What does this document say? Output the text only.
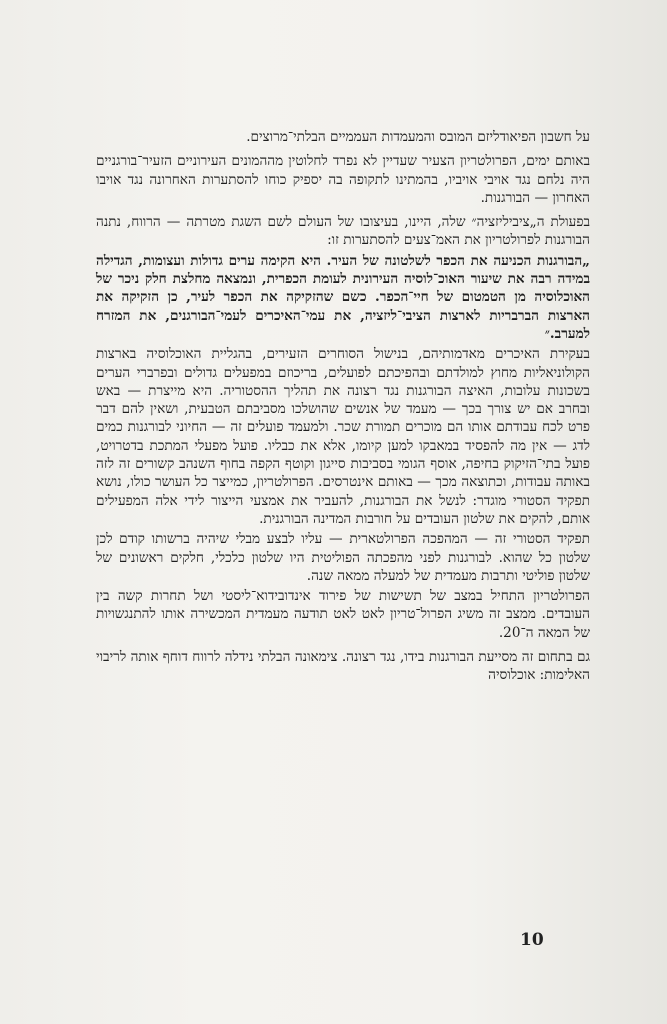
על חשבון הפיאודליזם המובס והמעמדות העממיים הבלתי־מרוצים.

באותם ימים, הפרולטריון הצעיר שעדיין לא נפרד לחלוטין מההמונים העירוניים הזעיר־בורגניים היה נלחם נגד אויבי אויביו, בהמתינו לתקופה בה יספיק כוחו להסתערות האחרונה נגד אויבו האחרון — הבורגנות.

בפעולת ה„ציביליזציה״ שלה, היינו, בעיצובו של העולם לשם השגת מטרתה — הרווח, נתנה הבורגנות לפרולטריון את האמ־צעים להסתערות זו:

„הבורגנות הכניעה את הכפר לשלטונה של העיר. היא הקימה ערים גדולות ועצומות, הגדילה במידה רבה את שיעור האוכ־לוסיה העירונית לעומת הכפרית, ונמצאה מחלצת חלק ניכר של האוכלוסיה מן הטמטום של חיי־הכפר. כשם שהזקיקה את הכפר לעיר, כן הזקיקה את הארצות הברבריות לארצות הציבי־ליזציה, את עמי־האיכרים לעמי־הבורגנים, את המזרח למערב.״

בעקירת האיכרים מאדמותיהם, בנישול הסוחרים הזעירים, בהגליית האוכלוסיה בארצות הקולוניאליות מחוץ למולדתם ובהפיכתם לפועלים, בריכוזם במפעלים גדולים ובפרברי הערים בשכונות עלובות, האיצה הבורגנות נגד רצונה את תהליך ההסטוריה. היא מייצרת — באש ובחרב אם יש צורך בכך — מעמד של אנשים שהושלכו מסביבתם הטבעית, ושאין להם דבר פרט לכח עבודתם אותו הם מוכרים תמורת שכר. ולמעמד פועלים זה — החיוני לבורגנות כמים לדג — אין מה להפסיד במאבקו למען קיומו, אלא את כבליו. פועל מפעלי המתכת בדטרויט, פועל בתי־הזיקוק בחיפה, אוסף הגומי בסביבות סייגון וקוטף הקפה בחוף השנהב קשורים זה לזה באותה עבודות, וכתוצאה מכך — באותם אינטרסים. הפרולטריון, כמייצר כל העושר כולו, נושא תפקיד הסטורי מוגדר: לנשל את הבורגנות, להעביר את אמצעי הייצור לידי אלה המפעילים אותם, להקים את שלטון העובדים על חורבות המדינה הבורגנית.

תפקיד הסטורי זה — המהפכה הפרולטארית — עליו לבצע מבלי שיהיה ברשותו קודם לכן שלטון כל שהוא. לבורגנות לפני מהפכתה הפוליטית היו שלטון כלכלי, חלקים ראשונים של שלטון פוליטי ותרבות מעמדית של למעלה ממאה שנה.

הפרולטריון התחיל במצב של תשישות של פירוד אינדובידוא־ליסטי ושל תחרות קשה בין העובדים. ממצב זה משיג הפרול־טריון לאט לאט תודעה מעמדית המכשירה אותו להתנגשויות של המאה ה־20.

גם בתחום זה מסייעת הבורגנות בידו, נגד רצונה. צימאונה הבלתי נידלה לרווח דוחף אותה לריבוי האלימות: אוכלוסיה

10
